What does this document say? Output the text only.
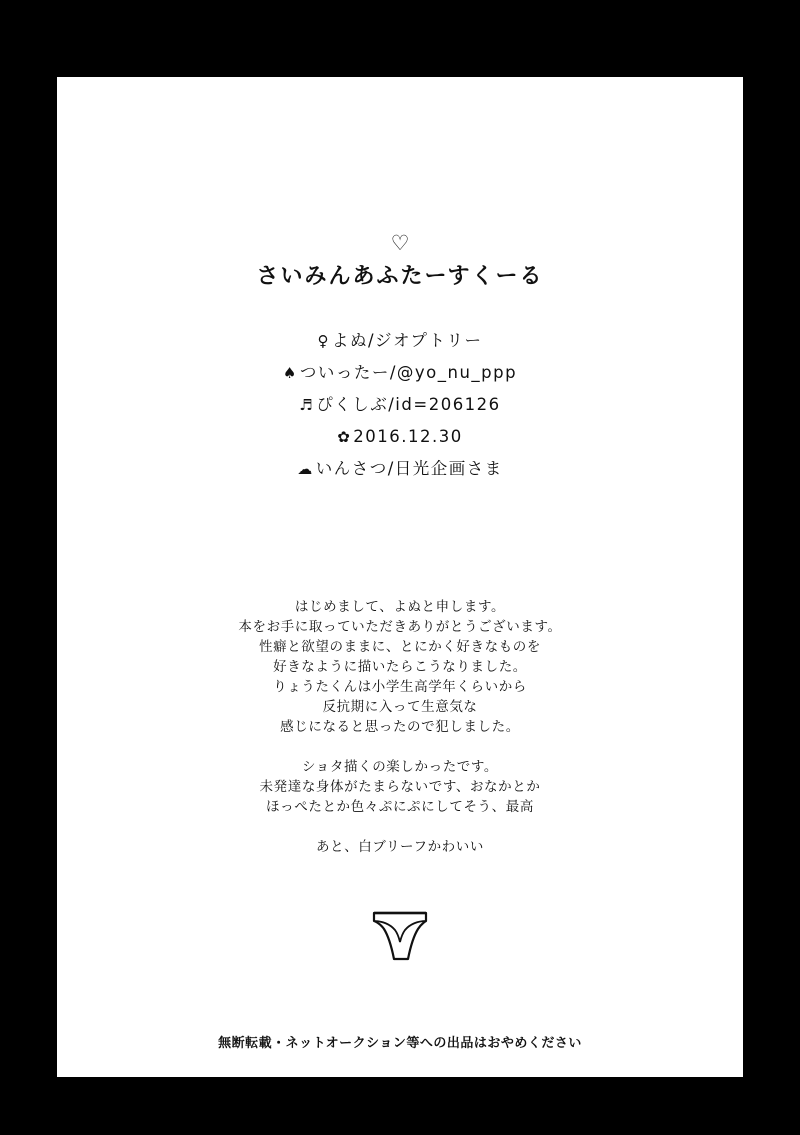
♡
さいみんあふたーすくーる
♀ よぬ/ジオプトリー
♠ ついったー/@yo_nu_ppp
♬ ぴくしぶ/id=206126
✿ 2016.12.30
☁ いんさつ/日光企画さま
はじめまして、よぬと申します。
本をお手に取っていただきありがとうございます。
性癖と欲望のままに、とにかく好きなものを
好きなように描いたらこうなりました。
りょうたくんは小学生高学年くらいから
反抗期に入って生意気な
感じになると思ったので犯しました。
ショタ描くの楽しかったです。
未発達な身体がたまらないです、おなかとか
ほっぺたとか色々ぷにぷにしてそう、最高
あと、白ブリーフかわいい
無断転載・ネットオークション等への出品はおやめください
